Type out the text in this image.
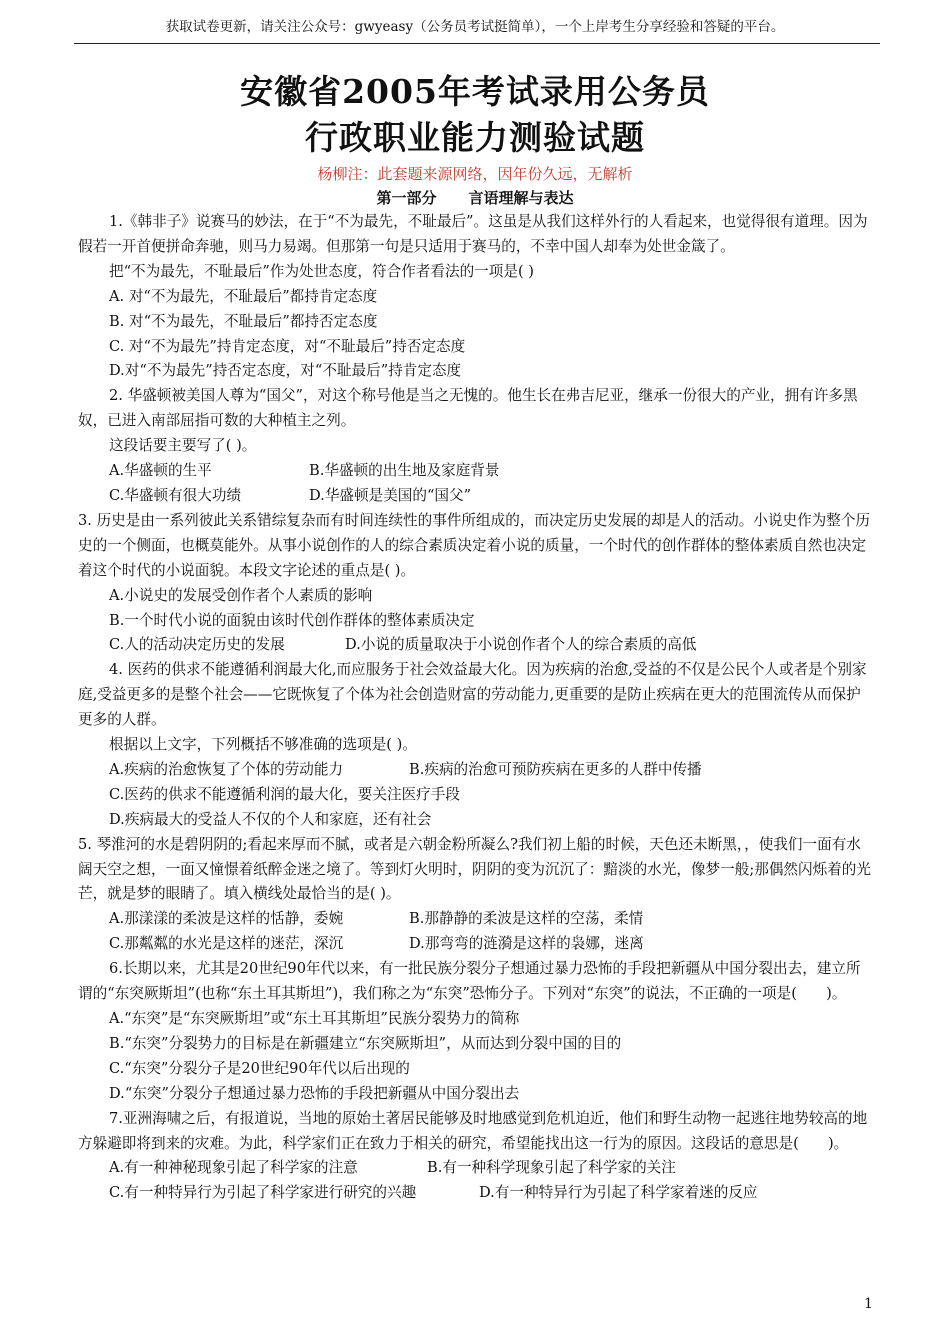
获取试卷更新，请关注公众号：gwyeasy（公务员考试挺简单），一个上岸考生分享经验和答疑的平台。
安徽省2005年考试录用公务员
行政职业能力测验试题
杨柳注：此套题来源网络，因年份久远，无解析
第一部分 言语理解与表达

1.《韩非子》说赛马的妙法，在于“不为最先，不耻最后”。这虽是从我们这样外行的人看起来，也觉得很有道理。因为假若一开首便拼命奔驰，则马力易竭。但那第一句是只适用于赛马的，不幸中国人却奉为处世金箴了。

把“不为最先，不耻最后”作为处世态度，符合作者看法的一项是( )

A. 对“不为最先，不耻最后”都持肯定态度

B. 对“不为最先，不耻最后”都持否定态度

C. 对“不为最先”持肯定态度，对“不耻最后”持否定态度

D.对“不为最先”持否定态度，对“不耻最后”持肯定态度

2. 华盛顿被美国人尊为“国父”，对这个称号他是当之无愧的。他生长在弗吉尼亚，继承一份很大的产业，拥有许多黑奴，已进入南部屈指可数的大种植主之列。

这段话要主要写了( )。

A.华盛顿的生平	B.华盛顿的出生地及家庭背景

C.华盛顿有很大功绩	D.华盛顿是美国的“国父”

3. 历史是由一系列彼此关系错综复杂而有时间连续性的事件所组成的，而决定历史发展的却是人的活动。小说史作为整个历史的一个侧面，也概莫能外。从事小说创作的人的综合素质决定着小说的质量，一个时代的创作群体的整体素质自然也决定着这个时代的小说面貌。本段文字论述的重点是( )。

A.小说史的发展受创作者个人素质的影响

B.一个时代小说的面貌由该时代创作群体的整体素质决定

C.人的活动决定历史的发展	D.小说的质量取决于小说创作者个人的综合素质的高低

4. 医药的供求不能遵循利润最大化,而应服务于社会效益最大化。因为疾病的治愈,受益的不仅是公民个人或者是个别家庭,受益更多的是整个社会——它既恢复了个体为社会创造财富的劳动能力,更重要的是防止疾病在更大的范围流传从而保护更多的人群。

根据以上文字，下列概括不够准确的选项是( )。

A.疾病的治愈恢复了个体的劳动能力	B.疾病的治愈可预防疾病在更多的人群中传播

C.医药的供求不能遵循利润的最大化，要关注医疗手段

D.疾病最大的受益人不仅的个人和家庭，还有社会

5. 琴淮河的水是碧阴阴的;看起来厚而不腻，或者是六朝金粉所凝么?我们初上船的时候，天色还未断黑，，使我们一面有水阔天空之想，一面又憧憬着纸醉金迷之境了。等到灯火明时，阴阴的变为沉沉了：黯淡的水光，像梦一般;那偶然闪烁着的光芒，就是梦的眼睛了。填入横线处最恰当的是( )。

A.那漾漾的柔波是这样的恬静，委婉	B.那静静的柔波是这样的空荡，柔情

C.那粼粼的水光是这样的迷茫，深沉	D.那弯弯的涟漪是这样的袅娜，迷离

6.长期以来，尤其是20世纪90年代以来，有一批民族分裂分子想通过暴力恐怖的手段把新疆从中国分裂出去，建立所谓的“东突厥斯坦”(也称“东土耳其斯坦”)，我们称之为“东突”恐怖分子。下列对“东突”的说法，不正确的一项是(　　)。

A.“东突”是“东突厥斯坦”或“东土耳其斯坦”民族分裂势力的简称

B.“东突”分裂势力的目标是在新疆建立“东突厥斯坦”，从而达到分裂中国的目的

C.“东突”分裂分子是20世纪90年代以后出现的

D.“东突”分裂分子想通过暴力恐怖的手段把新疆从中国分裂出去

7.亚洲海啸之后，有报道说，当地的原始土著居民能够及时地感觉到危机迫近，他们和野生动物一起逃往地势较高的地方躲避即将到来的灾难。为此，科学家们正在致力于相关的研究，希望能找出这一行为的原因。这段话的意思是(　　)。

A.有一种神秘现象引起了科学家的注意	B.有一种科学现象引起了科学家的关注

C.有一种特异行为引起了科学家进行研究的兴趣	D.有一种特异行为引起了科学家着迷的反应

1
